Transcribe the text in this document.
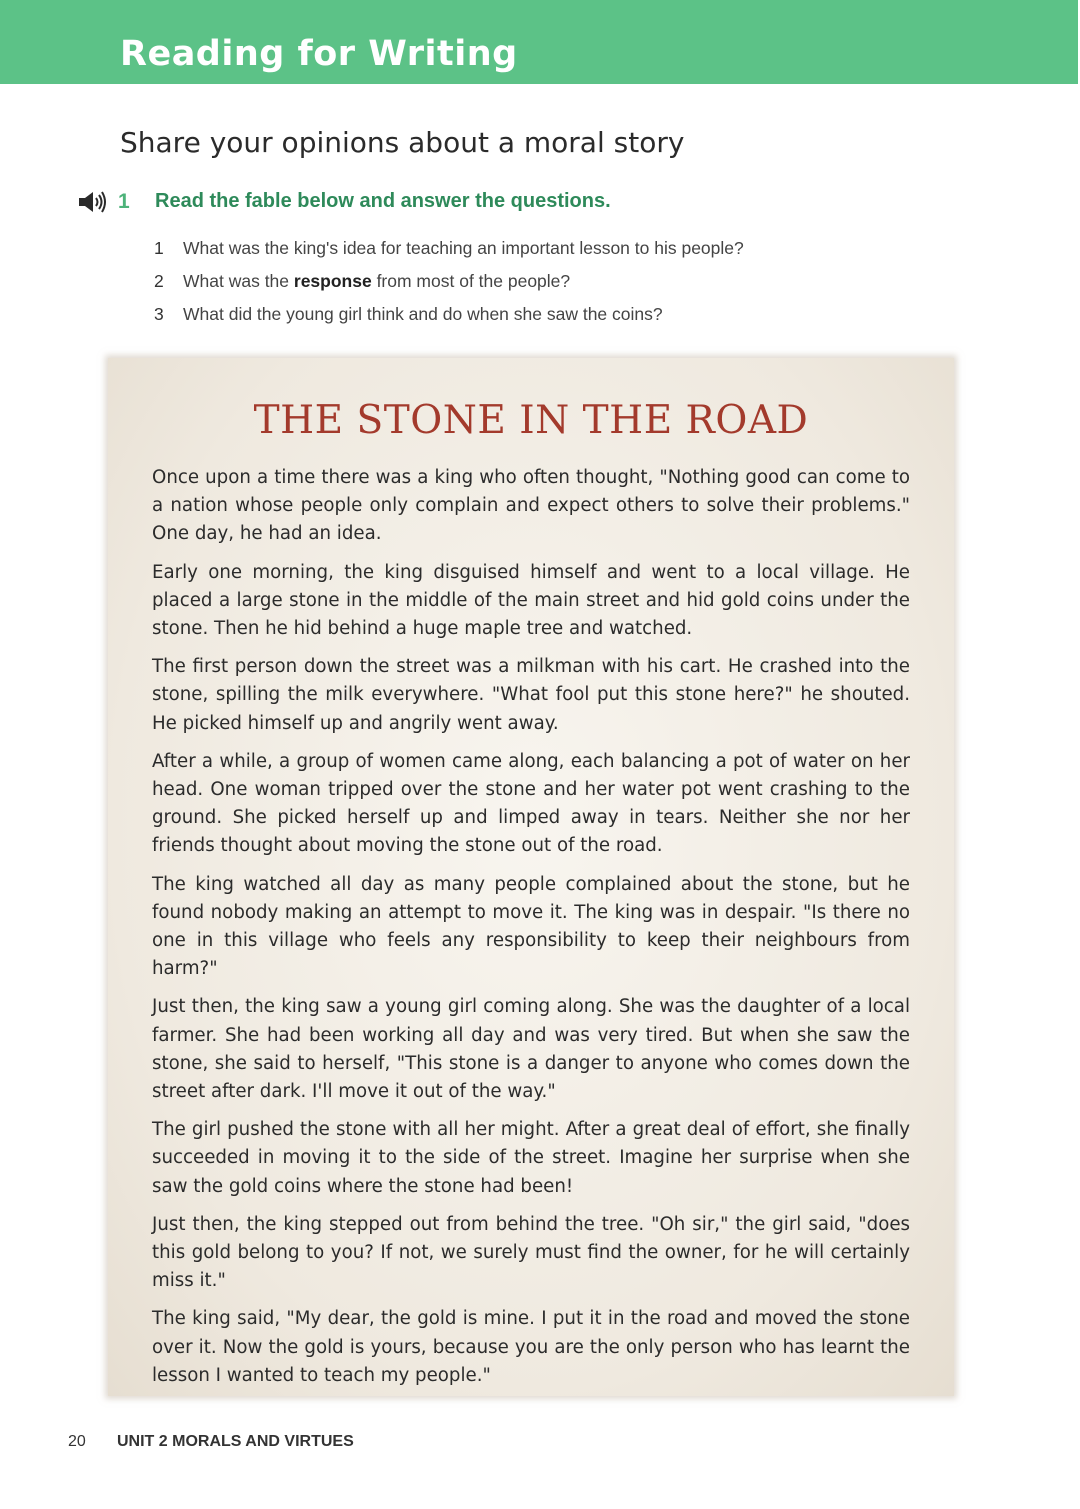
Reading for Writing
Share your opinions about a moral story
1 Read the fable below and answer the questions.
1	What was the king's idea for teaching an important lesson to his people?
2	What was the response from most of the people?
3	What did the young girl think and do when she saw the coins?
THE STONE IN THE ROAD

Once upon a time there was a king who often thought, "Nothing good can come to a nation whose people only complain and expect others to solve their problems." One day, he had an idea.

Early one morning, the king disguised himself and went to a local village. He placed a large stone in the middle of the main street and hid gold coins under the stone. Then he hid behind a huge maple tree and watched.

The first person down the street was a milkman with his cart. He crashed into the stone, spilling the milk everywhere. "What fool put this stone here?" he shouted. He picked himself up and angrily went away.

After a while, a group of women came along, each balancing a pot of water on her head. One woman tripped over the stone and her water pot went crashing to the ground. She picked herself up and limped away in tears. Neither she nor her friends thought about moving the stone out of the road.

The king watched all day as many people complained about the stone, but he found nobody making an attempt to move it. The king was in despair. "Is there no one in this village who feels any responsibility to keep their neighbours from harm?"

Just then, the king saw a young girl coming along. She was the daughter of a local farmer. She had been working all day and was very tired. But when she saw the stone, she said to herself, "This stone is a danger to anyone who comes down the street after dark. I'll move it out of the way."

The girl pushed the stone with all her might. After a great deal of effort, she finally succeeded in moving it to the side of the street. Imagine her surprise when she saw the gold coins where the stone had been!

Just then, the king stepped out from behind the tree. "Oh sir," the girl said, "does this gold belong to you? If not, we surely must find the owner, for he will certainly miss it."

The king said, "My dear, the gold is mine. I put it in the road and moved the stone over it. Now the gold is yours, because you are the only person who has learnt the lesson I wanted to teach my people."

20 UNIT 2 MORALS AND VIRTUES
